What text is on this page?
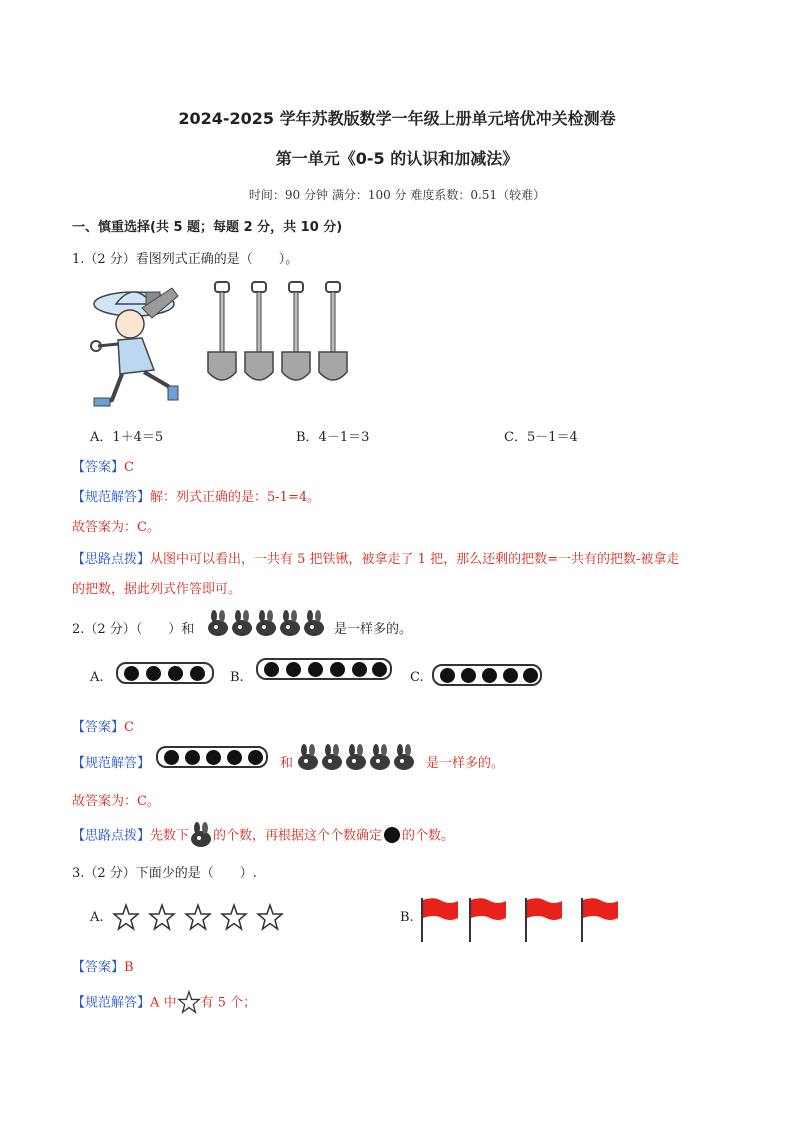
2024-2025 学年苏教版数学一年级上册单元培优冲关检测卷
第一单元《0-5 的认识和加减法》
时间：90 分钟 满分：100 分 难度系数：0.51（较难）
一、慎重选择(共 5 题；每题 2 分，共 10 分)
1.（2 分）看图列式正确的是（　　）。
A．1＋4＝5	B．4－1＝3	C．5－1＝4
【答案】C
【规范解答】解：列式正确的是：5-1=4。
故答案为：C。
【思路点拨】从图中可以看出，一共有 5 把铁锹，被拿走了 1 把，那么还剩的把数=一共有的把数-被拿走
的把数，据此列式作答即可。
2.（2 分）（　　）和	是一样多的。
A.	B.	C.
【答案】C
【规范解答】	和	是一样多的。
故答案为：C。
【思路点拨】先数下 的个数，再根据这个个数确定 的个数。
3.（2 分）下面少的是（　　）.
A.	B.
【答案】B
【规范解答】A 中 有 5 个；
